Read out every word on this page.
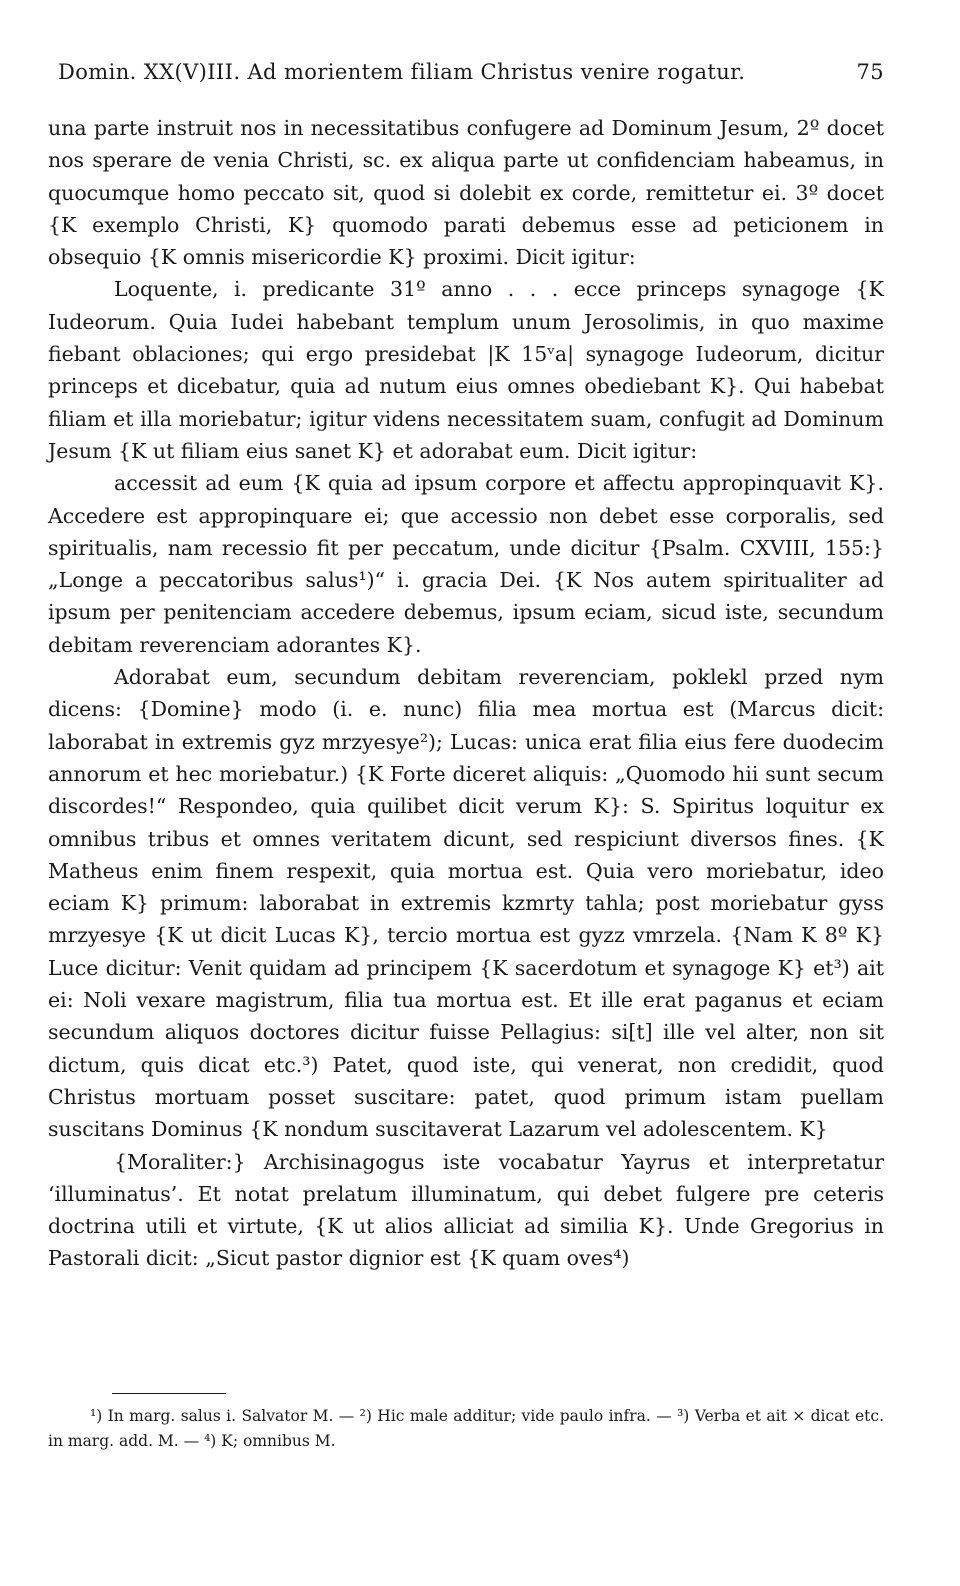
Domin. XX(V)III. Ad morientem filiam Christus venire rogatur.	75

una parte instruit nos in necessitatibus confugere ad Dominum Jesum, 2º docet nos sperare de venia Christi, sc. ex aliqua parte ut confidenciam habeamus, in quocumque homo peccato sit, quod si dolebit ex corde, remittetur ei. 3º docet {K exemplo Christi, K} quomodo parati debemus esse ad peticionem in obsequio {K omnis misericordie K} proximi. Dicit igitur:

Loquente, i. predicante 31º anno . . . ecce princeps synagoge {K Iudeorum. Quia Iudei habebant templum unum Jerosolimis, in quo maxime fiebant oblaciones; qui ergo presidebat |K 15ᵛa| synagoge Iudeorum, dicitur princeps et dicebatur, quia ad nutum eius omnes obediebant K}. Qui habebat filiam et illa moriebatur; igitur videns necessitatem suam, confugit ad Dominum Jesum {K ut filiam eius sanet K} et adorabat eum. Dicit igitur:

accessit ad eum {K quia ad ipsum corpore et affectu appropinquavit K}. Accedere est appropinquare ei; que accessio non debet esse corporalis, sed spiritualis, nam recessio fit per peccatum, unde dicitur {Psalm. CXVIII, 155:} „Longe a peccatoribus salus¹)“ i. gracia Dei. {K Nos autem spiritualiter ad ipsum per penitenciam accedere debemus, ipsum eciam, sicud iste, secundum debitam reverenciam adorantes K}.

Adorabat eum, secundum debitam reverenciam, poklekl przed nym dicens: {Domine} modo (i. e. nunc) filia mea mortua est (Marcus dicit: laborabat in extremis gyz mrzyesye²); Lucas: unica erat filia eius fere duodecim annorum et hec moriebatur.) {K Forte diceret aliquis: „Quomodo hii sunt secum discordes!“ Respondeo, quia quilibet dicit verum K}: S. Spiritus loquitur ex omnibus tribus et omnes veritatem dicunt, sed respiciunt diversos fines. {K Matheus enim finem respexit, quia mortua est. Quia vero moriebatur, ideo eciam K} primum: laborabat in extremis kzmrty tahla; post moriebatur gyss mrzyesye {K ut dicit Lucas K}, tercio mortua est gyzz vmrzela. {Nam K 8º K} Luce dicitur: Venit quidam ad principem {K sacerdotum et synagoge K} et³) ait ei: Noli vexare magistrum, filia tua mortua est. Et ille erat paganus et eciam secundum aliquos doctores dicitur fuisse Pellagius: si[t] ille vel alter, non sit dictum, quis dicat etc.³) Patet, quod iste, qui venerat, non credidit, quod Christus mortuam posset suscitare: patet, quod primum istam puellam suscitans Dominus {K nondum suscitaverat Lazarum vel adolescentem. K}

{Moraliter:} Archisinagogus iste vocabatur Yayrus et interpretatur ‘illuminatus’. Et notat prelatum illuminatum, qui debet fulgere pre ceteris doctrina utili et virtute, {K ut alios alliciat ad similia K}. Unde Gregorius in Pastorali dicit: „Sicut pastor dignior est {K quam oves⁴)

¹) In marg. salus i. Salvator M. — ²) Hic male additur; vide paulo infra. — ³) Verba et ait × dicat etc. in marg. add. M. — ⁴) K; omnibus M.
